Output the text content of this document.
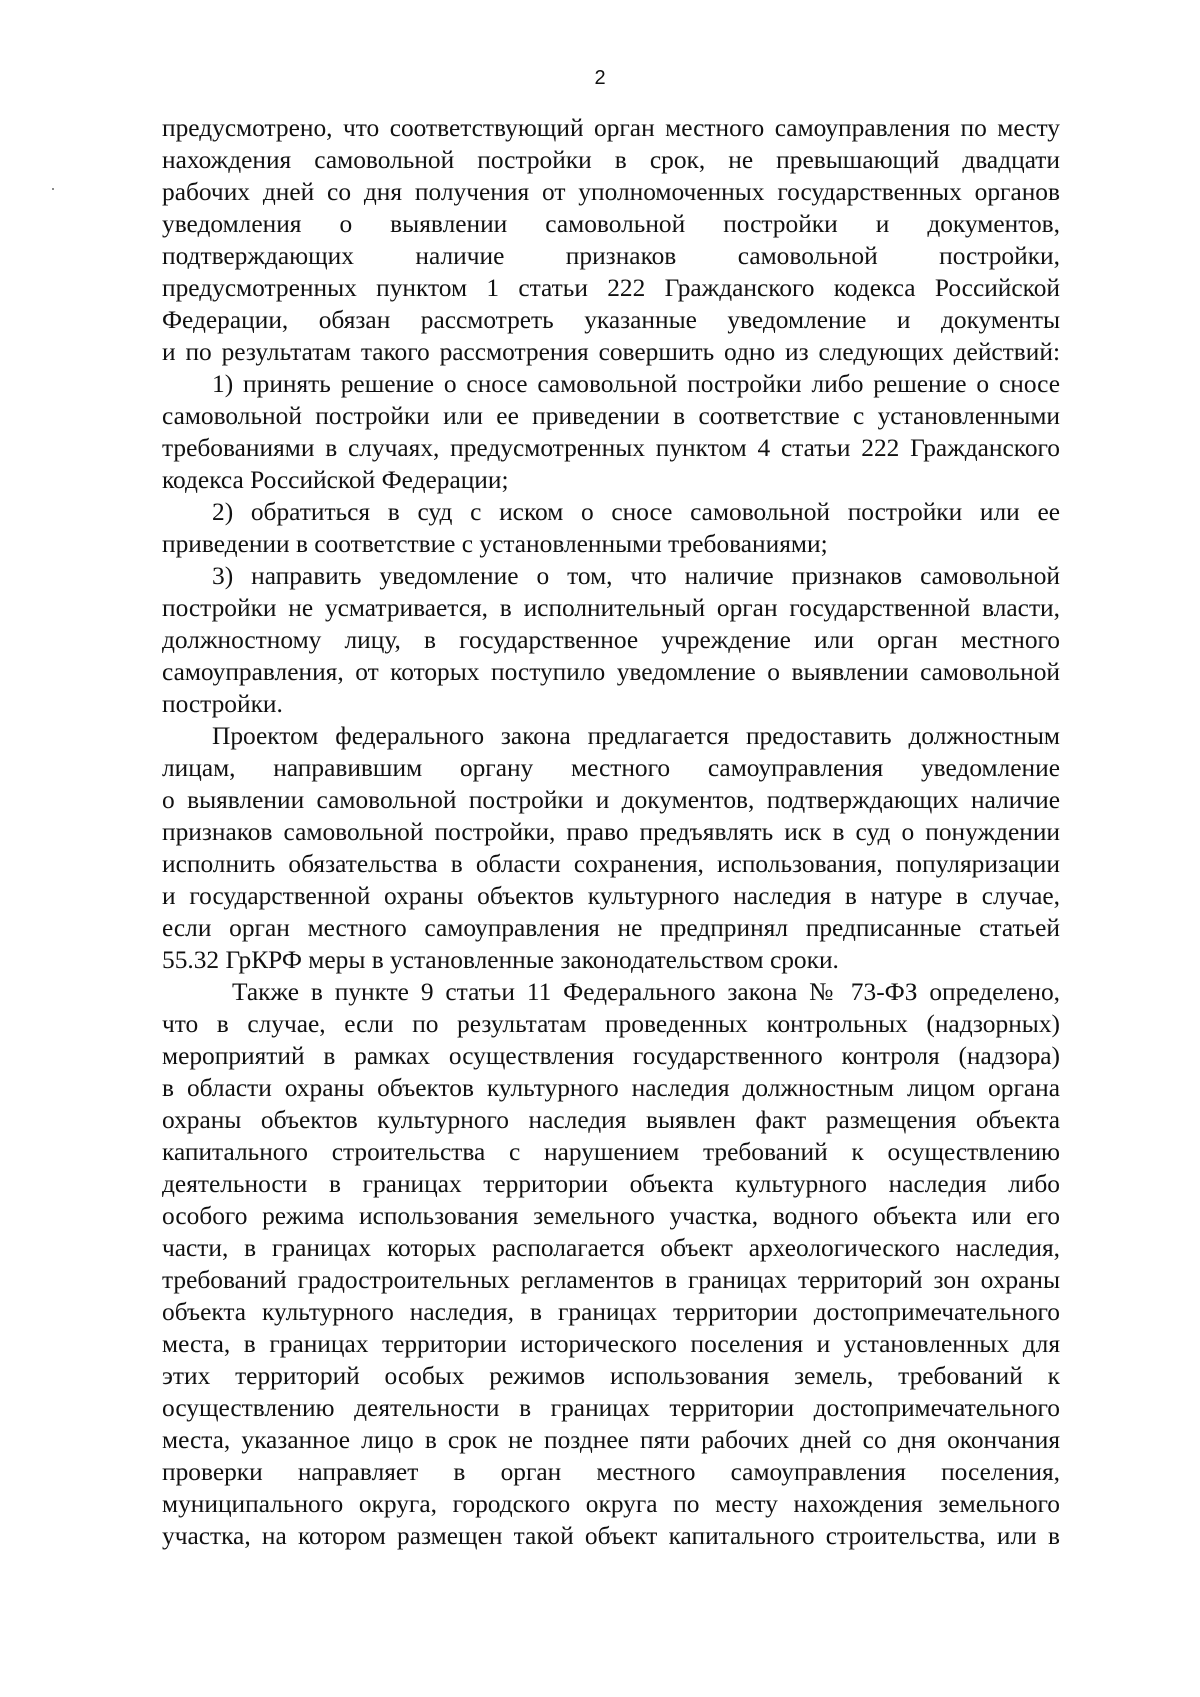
2
предусмотрено, что соответствующий орган местного самоуправления по месту
нахождения самовольной постройки в срок, не превышающий двадцати
рабочих дней со дня получения от уполномоченных государственных органов
уведомления о выявлении самовольной постройки и документов,
подтверждающих наличие признаков самовольной постройки,
предусмотренных пунктом 1 статьи 222 Гражданского кодекса Российской
Федерации, обязан рассмотреть указанные уведомление и документы
и по результатам такого рассмотрения совершить одно из следующих действий:
1) принять решение о сносе самовольной постройки либо решение о сносе
самовольной постройки или ее приведении в соответствие с установленными
требованиями в случаях, предусмотренных пунктом 4 статьи 222 Гражданского
кодекса Российской Федерации;
2) обратиться в суд с иском о сносе самовольной постройки или ее
приведении в соответствие с установленными требованиями;
3) направить уведомление о том, что наличие признаков самовольной
постройки не усматривается, в исполнительный орган государственной власти,
должностному лицу, в государственное учреждение или орган местного
самоуправления, от которых поступило уведомление о выявлении самовольной
постройки.
Проектом федерального закона предлагается предоставить должностным
лицам, направившим органу местного самоуправления уведомление
о выявлении самовольной постройки и документов, подтверждающих наличие
признаков самовольной постройки, право предъявлять иск в суд о понуждении
исполнить обязательства в области сохранения, использования, популяризации
и государственной охраны объектов культурного наследия в натуре в случае,
если орган местного самоуправления не предпринял предписанные статьей
55.32 ГрКРФ меры в установленные законодательством сроки.
Также в пункте 9 статьи 11 Федерального закона № 73-ФЗ определено,
что в случае, если по результатам проведенных контрольных (надзорных)
мероприятий в рамках осуществления государственного контроля (надзора)
в области охраны объектов культурного наследия должностным лицом органа
охраны объектов культурного наследия выявлен факт размещения объекта
капитального строительства с нарушением требований к осуществлению
деятельности в границах территории объекта культурного наследия либо
особого режима использования земельного участка, водного объекта или его
части, в границах которых располагается объект археологического наследия,
требований градостроительных регламентов в границах территорий зон охраны
объекта культурного наследия, в границах территории достопримечательного
места, в границах территории исторического поселения и установленных для
этих территорий особых режимов использования земель, требований к
осуществлению деятельности в границах территории достопримечательного
места, указанное лицо в срок не позднее пяти рабочих дней со дня окончания
проверки направляет в орган местного самоуправления поселения,
муниципального округа, городского округа по месту нахождения земельного
участка, на котором размещен такой объект капитального строительства, или в
